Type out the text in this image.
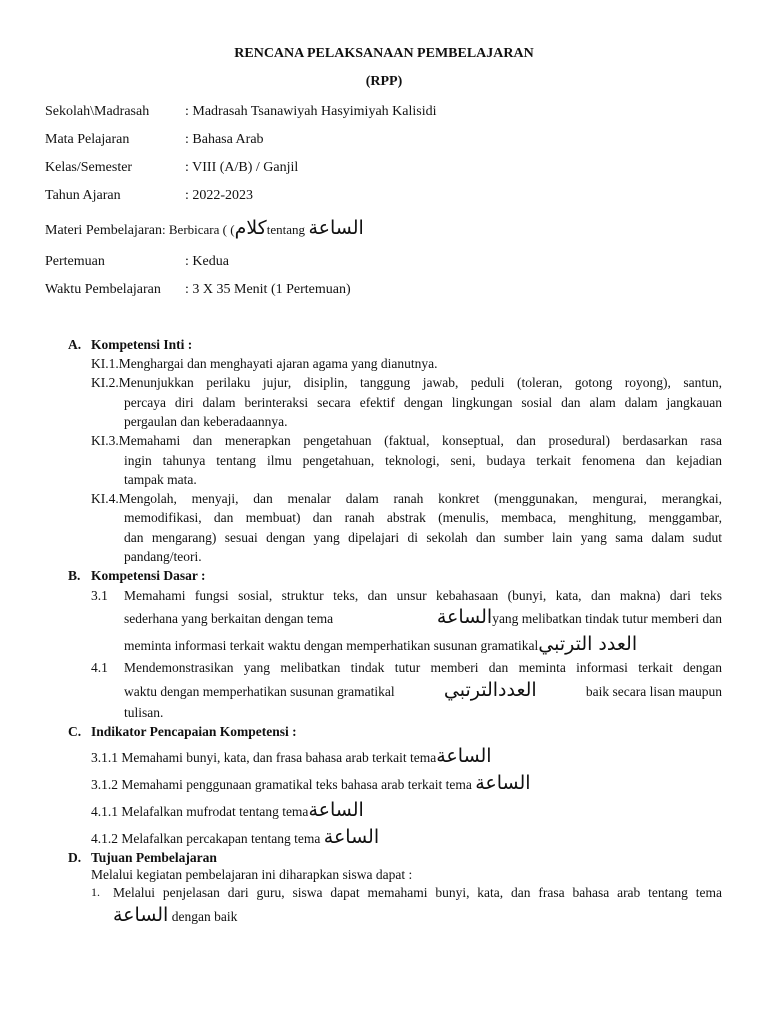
RENCANA PELAKSANAAN PEMBELAJARAN
(RPP)
Sekolah\Madrasah	: Madrasah Tsanawiyah Hasyimiyah Kalisidi
Mata Pelajaran	: Bahasa Arab
Kelas/Semester	: VIII (A/B) / Ganjil
Tahun Ajaran	: 2022-2023
Materi Pembelajaran: Berbicara ( (كلامtentang الساعة
Pertemuan	: Kedua
Waktu Pembelajaran : 3 X 35 Menit (1 Pertemuan)
A. Kompetensi Inti :
KI.1.Menghargai dan menghayati ajaran agama yang dianutnya.
KI.2.Menunjukkan perilaku jujur, disiplin, tanggung jawab, peduli (toleran, gotong royong), santun,
percaya diri dalam berinteraksi secara efektif dengan lingkungan sosial dan alam dalam jangkauan
pergaulan dan keberadaannya.
KI.3.Memahami dan menerapkan pengetahuan (faktual, konseptual, dan prosedural) berdasarkan rasa
ingin tahunya tentang ilmu pengetahuan, teknologi, seni, budaya terkait fenomena dan kejadian
tampak mata.
KI.4.Mengolah, menyaji, dan menalar dalam ranah konkret (menggunakan, mengurai, merangkai,
memodifikasi, dan membuat) dan ranah abstrak (menulis, membaca, menghitung, menggambar,
dan mengarang) sesuai dengan yang dipelajari di sekolah dan sumber lain yang sama dalam sudut
pandang/teori.
B. Kompetensi Dasar :
3.1 Memahami fungsi sosial, struktur teks, dan unsur kebahasaan (bunyi, kata, dan makna) dari teks
sederhana yang berkaitan dengan tema	الساعة yang melibatkan tindak tutur memberi dan
meminta informasi terkait waktu dengan memperhatikan susunan gramatikalالعدد الترتبي
4.1 Mendemonstrasikan yang melibatkan tindak tutur memberi dan meminta informasi terkait dengan
waktu dengan memperhatikan susunan gramatikal	العددالترتبي	baik secara lisan maupun
tulisan.
C. Indikator Pencapaian Kompetensi :
3.1.1 Memahami bunyi, kata, dan frasa bahasa arab terkait temaالساعة
3.1.2 Memahami penggunaan gramatikal teks bahasa arab terkait tema الساعة
4.1.1 Melafalkan mufrodat tentang temaالساعة
4.1.2 Melafalkan percakapan tentang tema الساعة
D. Tujuan Pembelajaran
Melalui kegiatan pembelajaran ini diharapkan siswa dapat :
1. Melalui penjelasan dari guru, siswa dapat memahami bunyi, kata, dan frasa bahasa arab tentang tema
الساعة dengan baik
